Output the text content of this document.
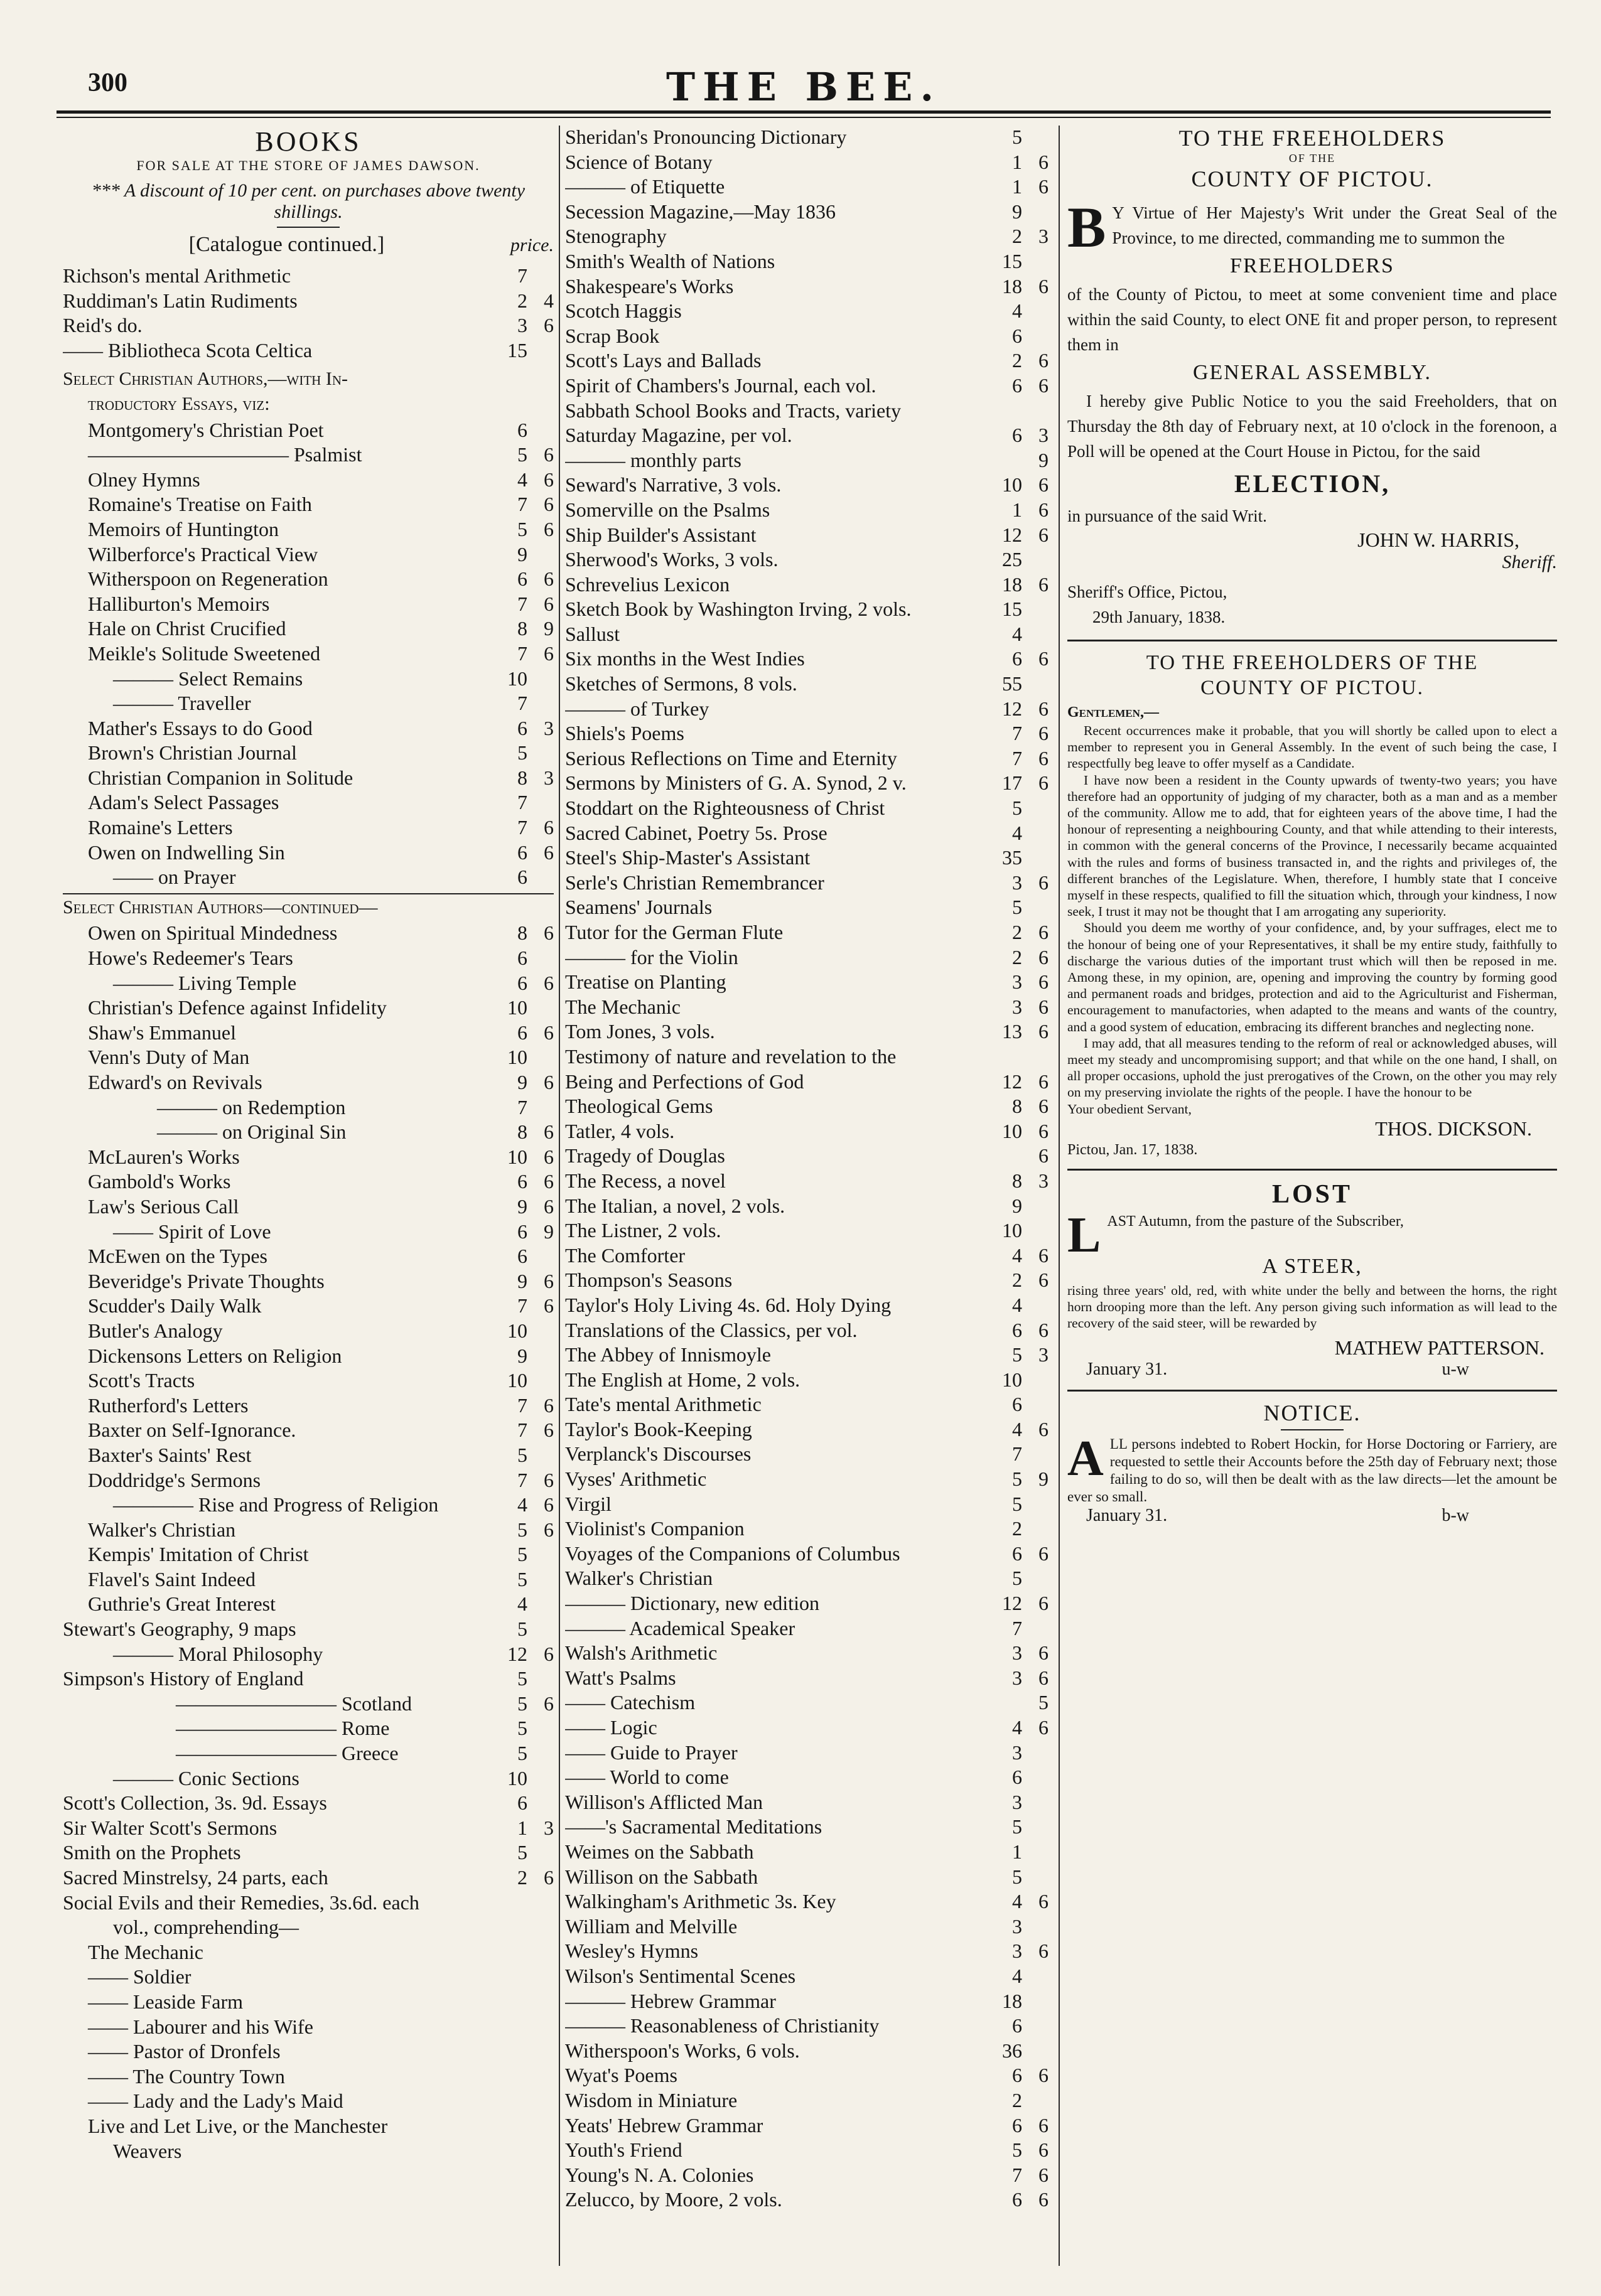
300	THE BEE.

BOOKS

FOR SALE AT THE STORE OF JAMES DAWSON.

*** A discount of 10 per cent. on purchases above twenty shillings.

[Catalogue continued.]	price.
Richson's mental Arithmetic	7
Ruddiman's Latin Rudiments	2 4
Reid's do.	3 6
—— Bibliotheca Scota Celtica	15
Select Christian Authors,—with In-
troductory Essays, viz:
Montgomery's Christian Poet	6
—————————— Psalmist	5 6
Olney Hymns	4 6
Romaine's Treatise on Faith	7 6
Memoirs of Huntington	5 6
Wilberforce's Practical View	9
Witherspoon on Regeneration	6 6
Halliburton's Memoirs	7 6
Hale on Christ Crucified	8 9
Meikle's Solitude Sweetened	7 6
——— Select Remains	10
——— Traveller	7
Mather's Essays to do Good	6 3
Brown's Christian Journal	5
Christian Companion in Solitude	8 3
Adam's Select Passages	7
Romaine's Letters	7 6
Owen on Indwelling Sin	6 6
—— on Prayer	6
Select Christian Authors—continued—
Owen on Spiritual Mindedness	8 6
Howe's Redeemer's Tears	6
——— Living Temple	6 6
Christian's Defence against Infidelity	10
Shaw's Emmanuel	6 6
Venn's Duty of Man	10
Edward's on Revivals	9 6
——— on Redemption	7
——— on Original Sin	8 6
McLauren's Works	10 6
Gambold's Works	6 6
Law's Serious Call	9 6
—— Spirit of Love	6 9
McEwen on the Types	6
Beveridge's Private Thoughts	9 6
Scudder's Daily Walk	7 6
Butler's Analogy	10
Dickensons Letters on Religion	9
Scott's Tracts	10
Rutherford's Letters	7 6
Baxter on Self-Ignorance.	7 6
Baxter's Saints' Rest	5
Doddridge's Sermons	7 6
———— Rise and Progress of Religion	4 6
Walker's Christian	5 6
Kempis' Imitation of Christ	5
Flavel's Saint Indeed	5
Guthrie's Great Interest	4
Stewart's Geography, 9 maps	5
——— Moral Philosophy	12 6
Simpson's History of England	5
———————— Scotland	5 6
———————— Rome	5
———————— Greece	5
——— Conic Sections	10
Scott's Collection, 3s. 9d. Essays	6
Sir Walter Scott's Sermons	1 3
Smith on the Prophets	5
Sacred Minstrelsy, 24 parts, each	2 6
Social Evils and their Remedies, 3s.6d. each
vol., comprehending—
The Mechanic
—— Soldier
—— Leaside Farm
—— Labourer and his Wife
—— Pastor of Dronfels
—— The Country Town
—— Lady and the Lady's Maid
Live and Let Live, or the Manchester
Weavers
Sheridan's Pronouncing Dictionary	5
Science of Botany	1 6
——— of Etiquette	1 6
Secession Magazine,—May 1836	9
Stenography	2 3
Smith's Wealth of Nations	15
Shakespeare's Works	18 6
Scotch Haggis	4
Scrap Book	6
Scott's Lays and Ballads	2 6
Spirit of Chambers's Journal, each vol.	6 6
Sabbath School Books and Tracts, variety
Saturday Magazine, per vol.	6 3
——— monthly parts	9
Seward's Narrative, 3 vols.	10 6
Somerville on the Psalms	1 6
Ship Builder's Assistant	12 6
Sherwood's Works, 3 vols.	25
Schrevelius Lexicon	18 6
Sketch Book by Washington Irving, 2 vols.	15
Sallust	4
Six months in the West Indies	6 6
Sketches of Sermons, 8 vols.	55
——— of Turkey	12 6
Shiels's Poems	7 6
Serious Reflections on Time and Eternity	7 6
Sermons by Ministers of G. A. Synod, 2 v.	17 6
Stoddart on the Righteousness of Christ	5
Sacred Cabinet, Poetry 5s. Prose	4
Steel's Ship-Master's Assistant	35
Serle's Christian Remembrancer	3 6
Seamens' Journals	5
Tutor for the German Flute	2 6
——— for the Violin	2 6
Treatise on Planting	3 6
The Mechanic	3 6
Tom Jones, 3 vols.	13 6
Testimony of nature and revelation to the
Being and Perfections of God	12 6
Theological Gems	8 6
Tatler, 4 vols.	10 6
Tragedy of Douglas	6
The Recess, a novel	8 3
The Italian, a novel, 2 vols.	9
The Listner, 2 vols.	10
The Comforter	4 6
Thompson's Seasons	2 6
Taylor's Holy Living 4s. 6d. Holy Dying	4
Translations of the Classics, per vol.	6 6
The Abbey of Innismoyle	5 3
The English at Home, 2 vols.	10
Tate's mental Arithmetic	6
Taylor's Book-Keeping	4 6
Verplanck's Discourses	7
Vyses' Arithmetic	5 9
Virgil	5
Violinist's Companion	2
Voyages of the Companions of Columbus	6 6
Walker's Christian	5
——— Dictionary, new edition	12 6
——— Academical Speaker	7
Walsh's Arithmetic	3 6
Watt's Psalms	3 6
—— Catechism	5
—— Logic	4 6
—— Guide to Prayer	3
—— World to come	6
Willison's Afflicted Man	3
——'s Sacramental Meditations	5
Weimes on the Sabbath	1
Willison on the Sabbath	5
Walkingham's Arithmetic 3s. Key	4 6
William and Melville	3
Wesley's Hymns	3 6
Wilson's Sentimental Scenes	4
——— Hebrew Grammar	18
——— Reasonableness of Christianity	6
Witherspoon's Works, 6 vols.	36
Wyat's Poems	6 6
Wisdom in Miniature	2
Yeats' Hebrew Grammar	6 6
Youth's Friend	5 6
Young's N. A. Colonies	7 6
Zelucco, by Moore, 2 vols.	6 6

TO THE FREEHOLDERS

OF THE

COUNTY OF PICTOU.

B Y Virtue of Her Majesty's Writ under the Great Seal of the Province, to me directed, commanding me to summon the

FREEHOLDERS

of the County of Pictou, to meet at some convenient time and place within the said County, to elect ONE fit and proper person, to represent them in

GENERAL ASSEMBLY.

I hereby give Public Notice to you the said Freeholders, that on Thursday the 8th day of February next, at 10 o'clock in the forenoon, a Poll will be opened at the Court House in Pictou, for the said

ELECTION,

in pursuance of the said Writ.

JOHN W. HARRIS,

Sheriff.

Sheriff's Office, Pictou,

29th January, 1838.

TO THE FREEHOLDERS OF THE

COUNTY OF PICTOU.

Gentlemen,—

Recent occurrences make it probable, that you will shortly be called upon to elect a member to represent you in General Assembly. In the event of such being the case, I respectfully beg leave to offer myself as a Candidate.

I have now been a resident in the County upwards of twenty-two years; you have therefore had an opportunity of judging of my character, both as a man and as a member of the community. Allow me to add, that for eighteen years of the above time, I had the honour of representing a neighbouring County, and that while attending to their interests, in common with the general concerns of the Province, I necessarily became acquainted with the rules and forms of business transacted in, and the rights and privileges of, the different branches of the Legislature. When, therefore, I humbly state that I conceive myself in these respects, qualified to fill the situation which, through your kindness, I now seek, I trust it may not be thought that I am arrogating any superiority.

Should you deem me worthy of your confidence, and, by your suffrages, elect me to the honour of being one of your Representatives, it shall be my entire study, faithfully to discharge the various duties of the important trust which will then be reposed in me. Among these, in my opinion, are, opening and improving the country by forming good and permanent roads and bridges, protection and aid to the Agriculturist and Fisherman, encouragement to manufactories, when adapted to the means and wants of the country, and a good system of education, embracing its different branches and neglecting none.

I may add, that all measures tending to the reform of real or acknowledged abuses, will meet my steady and uncompromising support; and that while on the one hand, I shall, on all proper occasions, uphold the just prerogatives of the Crown, on the other you may rely on my preserving inviolate the rights of the people. I have the honour to be

Your obedient Servant,

THOS. DICKSON.

Pictou, Jan. 17, 1838.

LOST

L AST Autumn, from the pasture of the Subscriber,

A STEER,

rising three years' old, red, with white under the belly and between the horns, the right horn drooping more than the left. Any person giving such information as will lead to the recovery of the said steer, will be rewarded by

MATHEW PATTERSON.

January 31.	u-w

NOTICE.

A LL persons indebted to Robert Hockin, for Horse Doctoring or Farriery, are requested to settle their Accounts before the 25th day of February next; those failing to do so, will then be dealt with as the law directs—let the amount be ever so small.

January 31.	b-w
